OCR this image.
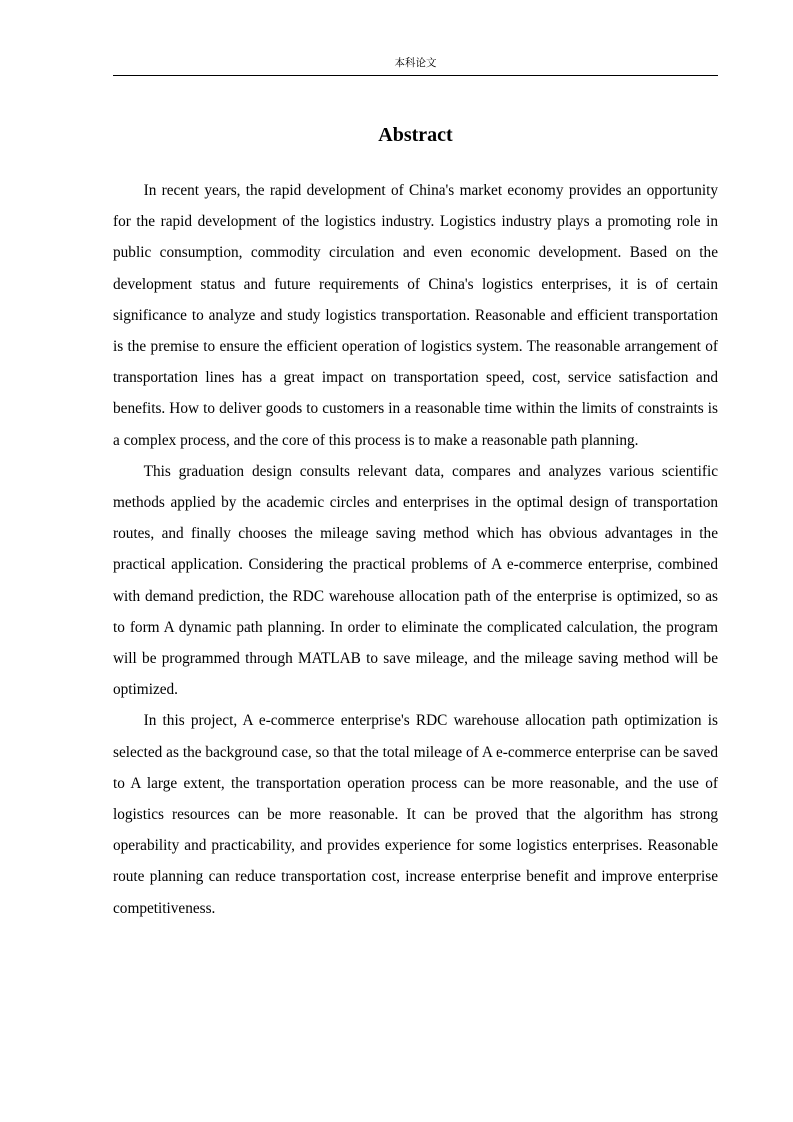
本科论文
Abstract

In recent years, the rapid development of China's market economy provides an opportunity for the rapid development of the logistics industry. Logistics industry plays a promoting role in public consumption, commodity circulation and even economic development. Based on the development status and future requirements of China's logistics enterprises, it is of certain significance to analyze and study logistics transportation. Reasonable and efficient transportation is the premise to ensure the efficient operation of logistics system. The reasonable arrangement of transportation lines has a great impact on transportation speed, cost, service satisfaction and benefits. How to deliver goods to customers in a reasonable time within the limits of constraints is a complex process, and the core of this process is to make a reasonable path planning.

This graduation design consults relevant data, compares and analyzes various scientific methods applied by the academic circles and enterprises in the optimal design of transportation routes, and finally chooses the mileage saving method which has obvious advantages in the practical application. Considering the practical problems of A e-commerce enterprise, combined with demand prediction, the RDC warehouse allocation path of the enterprise is optimized, so as to form A dynamic path planning. In order to eliminate the complicated calculation, the program will be programmed through MATLAB to save mileage, and the mileage saving method will be optimized.

In this project, A e-commerce enterprise's RDC warehouse allocation path optimization is selected as the background case, so that the total mileage of A e-commerce enterprise can be saved to A large extent, the transportation operation process can be more reasonable, and the use of logistics resources can be more reasonable. It can be proved that the algorithm has strong operability and practicability, and provides experience for some logistics enterprises. Reasonable route planning can reduce transportation cost, increase enterprise benefit and improve enterprise competitiveness.
